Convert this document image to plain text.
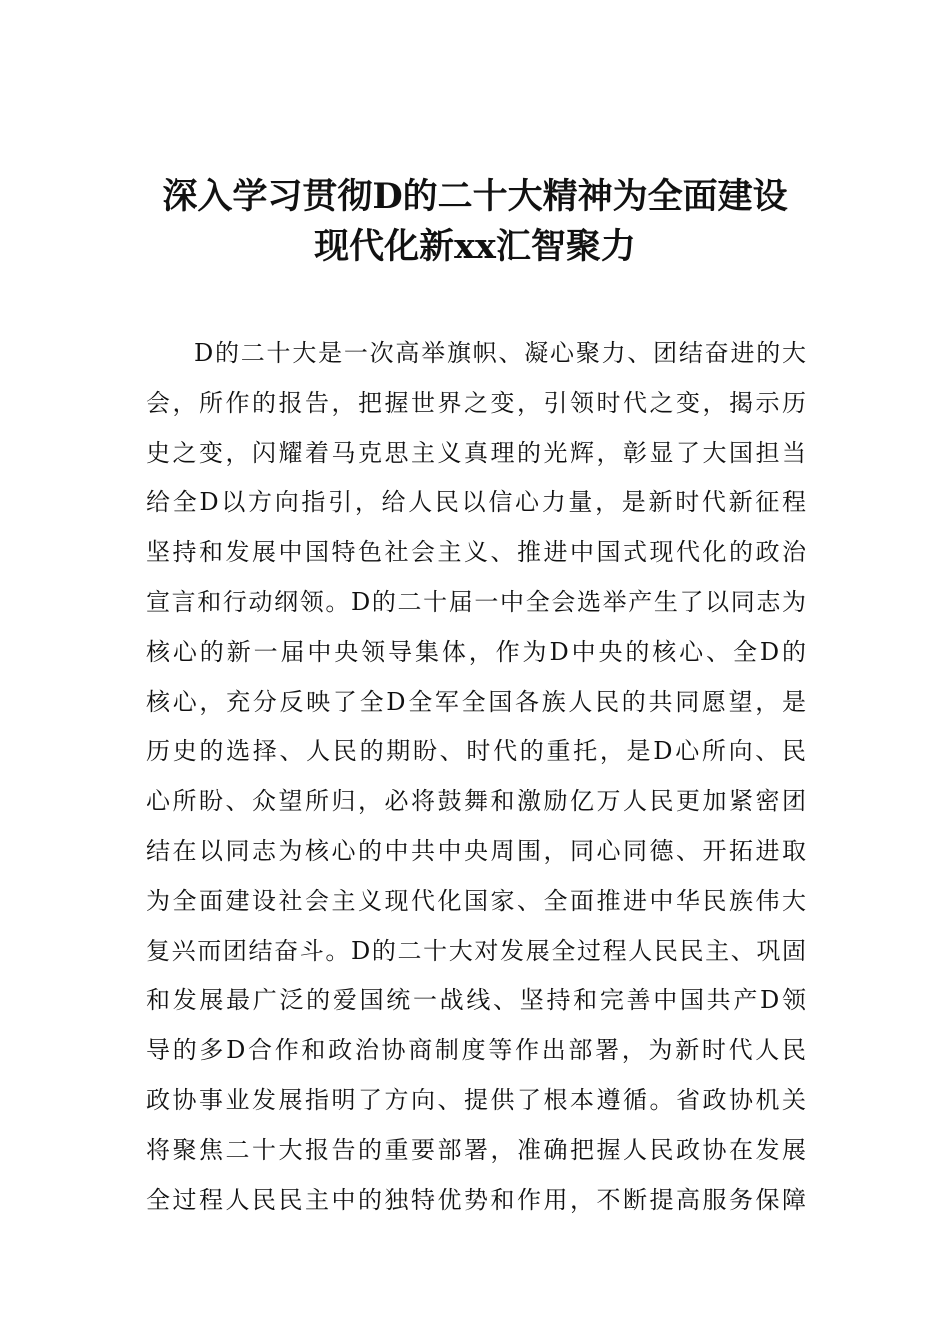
深入学习贯彻D的二十大精神为全面建设
现代化新xx汇智聚力
D的二十大是一次高举旗帜、凝心聚力、团结奋进的大
会，所作的报告，把握世界之变，引领时代之变，揭示历
史之变，闪耀着马克思主义真理的光辉，彰显了大国担当
给全D以方向指引，给人民以信心力量，是新时代新征程
坚持和发展中国特色社会主义、推进中国式现代化的政治
宣言和行动纲领。D的二十届一中全会选举产生了以同志为
核心的新一届中央领导集体，作为D中央的核心、全D的
核心，充分反映了全D全军全国各族人民的共同愿望，是
历史的选择、人民的期盼、时代的重托，是D心所向、民
心所盼、众望所归，必将鼓舞和激励亿万人民更加紧密团
结在以同志为核心的中共中央周围，同心同德、开拓进取
为全面建设社会主义现代化国家、全面推进中华民族伟大
复兴而团结奋斗。D的二十大对发展全过程人民民主、巩固
和发展最广泛的爱国统一战线、坚持和完善中国共产D领
导的多D合作和政治协商制度等作出部署，为新时代人民
政协事业发展指明了方向、提供了根本遵循。省政协机关
将聚焦二十大报告的重要部署，准确把握人民政协在发展
全过程人民民主中的独特优势和作用，不断提高服务保障
